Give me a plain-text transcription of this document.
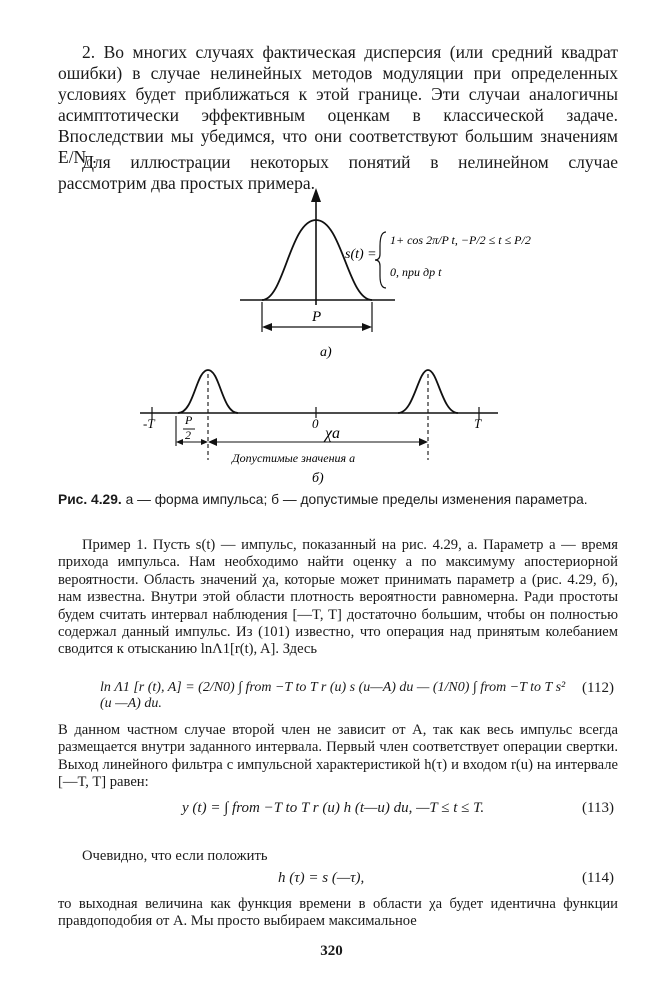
2. Во многих случаях фактическая дисперсия (или средний квадрат ошибки) в случае нелинейных методов модуляции при определенных условиях будет приближаться к этой границе. Эти случаи аналогичны асимптотически эффективным оценкам в классической задаче. Впоследствии мы убедимся, что они соответствуют большим значениям E/N₀.

Для иллюстрации некоторых понятий в нелинейном случае рассмотрим два простых примера.

P
a)
s(t) =
1+ cos 2π/P t, −P/2 ≤ t ≤ P/2
0, при др t
P
2
-T	T
0
χa
Допустимые значения a
б)
Рис. 4.29. a — форма импульса; б — допустимые пределы изменения параметра.

Пример 1. Пусть s(t) — импульс, показанный на рис. 4.29, a. Параметр a — время прихода импульса. Нам необходимо найти оценку a по максимуму апостериорной вероятности. Область значений χa, которые может принимать параметр a (рис. 4.29, б), нам известна. Внутри этой области плотность вероятности равномерна. Ради простоты будем считать интервал наблюдения [—T, T] достаточно большим, чтобы он полностью содержал данный импульс. Из (101) известно, что операция над принятым колебанием сводится к отысканию lnΛ1[r(t), A]. Здесь

ln Λ1 [r (t), A] = (2/N0) ∫ from −T to T r (u) s (u—A) du — (1/N0) ∫ from −T to T s² (u —A) du.
(112)

В данном частном случае второй член не зависит от A, так как весь импульс всегда размещается внутри заданного интервала. Первый член соответствует операции свертки. Выход линейного фильтра с импульсной характеристикой h(τ) и входом r(u) на интервале [—T, T] равен:

y (t) = ∫ from −T to T r (u) h (t—u) du, —T ≤ t ≤ T.	(113)

Очевидно, что если положить

h (τ) = s (—τ),	(114)

то выходная величина как функция времени в области χa будет идентична функции правдоподобия от A. Мы просто выбираем максимальное

320
